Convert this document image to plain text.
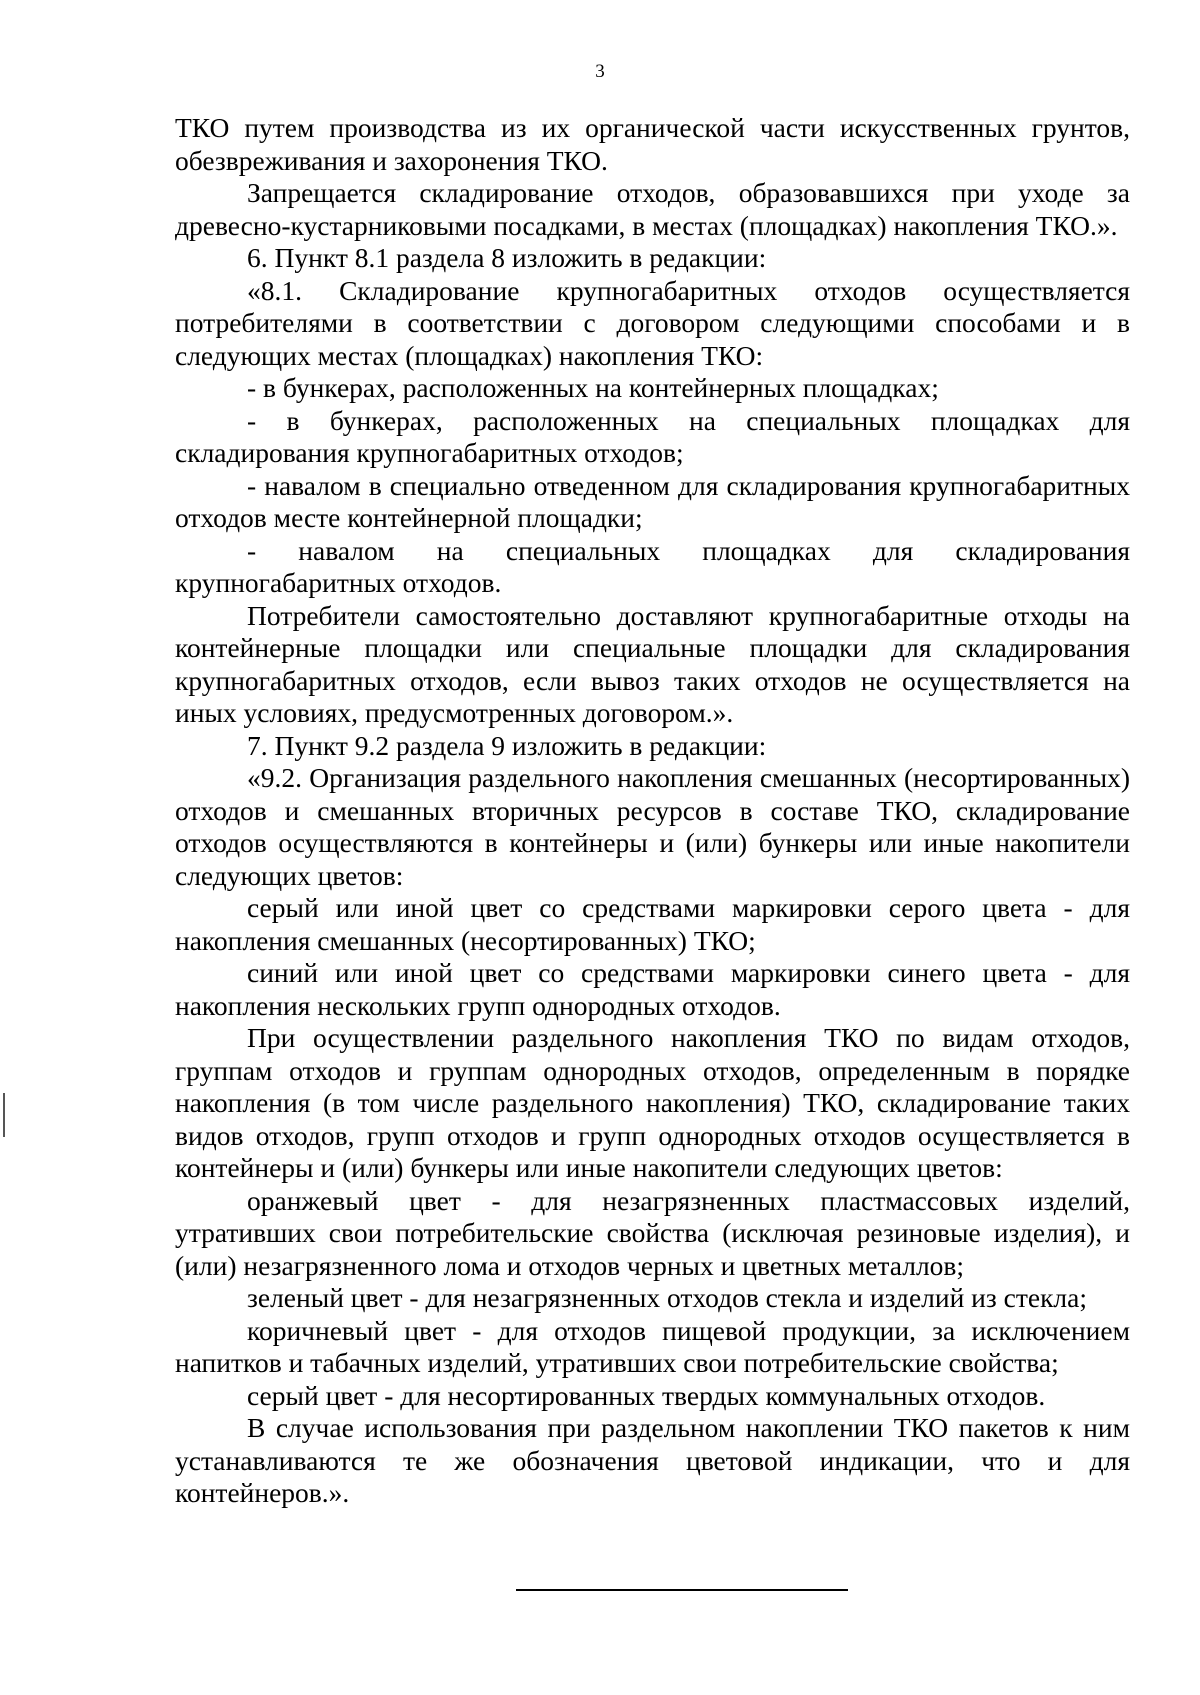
3

ТКО путем производства из их органической части искусственных грунтов, обезвреживания и захоронения ТКО.

Запрещается складирование отходов, образовавшихся при уходе за древесно-кустарниковыми посадками, в местах (площадках) накопления ТКО.».

6. Пункт 8.1 раздела 8 изложить в редакции:

«8.1. Складирование крупногабаритных отходов осуществляется потребителями в соответствии с договором следующими способами и в следующих местах (площадках) накопления ТКО:

- в бункерах, расположенных на контейнерных площадках;

- в бункерах, расположенных на специальных площадках для складирования крупногабаритных отходов;

- навалом в специально отведенном для складирования крупногабаритных отходов месте контейнерной площадки;

- навалом на специальных площадках для складирования крупногабаритных отходов.

Потребители самостоятельно доставляют крупногабаритные отходы на контейнерные площадки или специальные площадки для складирования крупногабаритных отходов, если вывоз таких отходов не осуществляется на иных условиях, предусмотренных договором.».

7. Пункт 9.2 раздела 9 изложить в редакции:

«9.2. Организация раздельного накопления смешанных (несортированных) отходов и смешанных вторичных ресурсов в составе ТКО, складирование отходов осуществляются в контейнеры и (или) бункеры или иные накопители следующих цветов:

серый или иной цвет со средствами маркировки серого цвета - для накопления смешанных (несортированных) ТКО;

синий или иной цвет со средствами маркировки синего цвета - для накопления нескольких групп однородных отходов.

При осуществлении раздельного накопления ТКО по видам отходов, группам отходов и группам однородных отходов, определенным в порядке накопления (в том числе раздельного накопления) ТКО, складирование таких видов отходов, групп отходов и групп однородных отходов осуществляется в контейнеры и (или) бункеры или иные накопители следующих цветов:

оранжевый цвет - для незагрязненных пластмассовых изделий, утративших свои потребительские свойства (исключая резиновые изделия), и (или) незагрязненного лома и отходов черных и цветных металлов;

зеленый цвет - для незагрязненных отходов стекла и изделий из стекла;

коричневый цвет - для отходов пищевой продукции, за исключением напитков и табачных изделий, утративших свои потребительские свойства;

серый цвет - для несортированных твердых коммунальных отходов.

В случае использования при раздельном накоплении ТКО пакетов к ним устанавливаются те же обозначения цветовой индикации, что и для контейнеров.».
